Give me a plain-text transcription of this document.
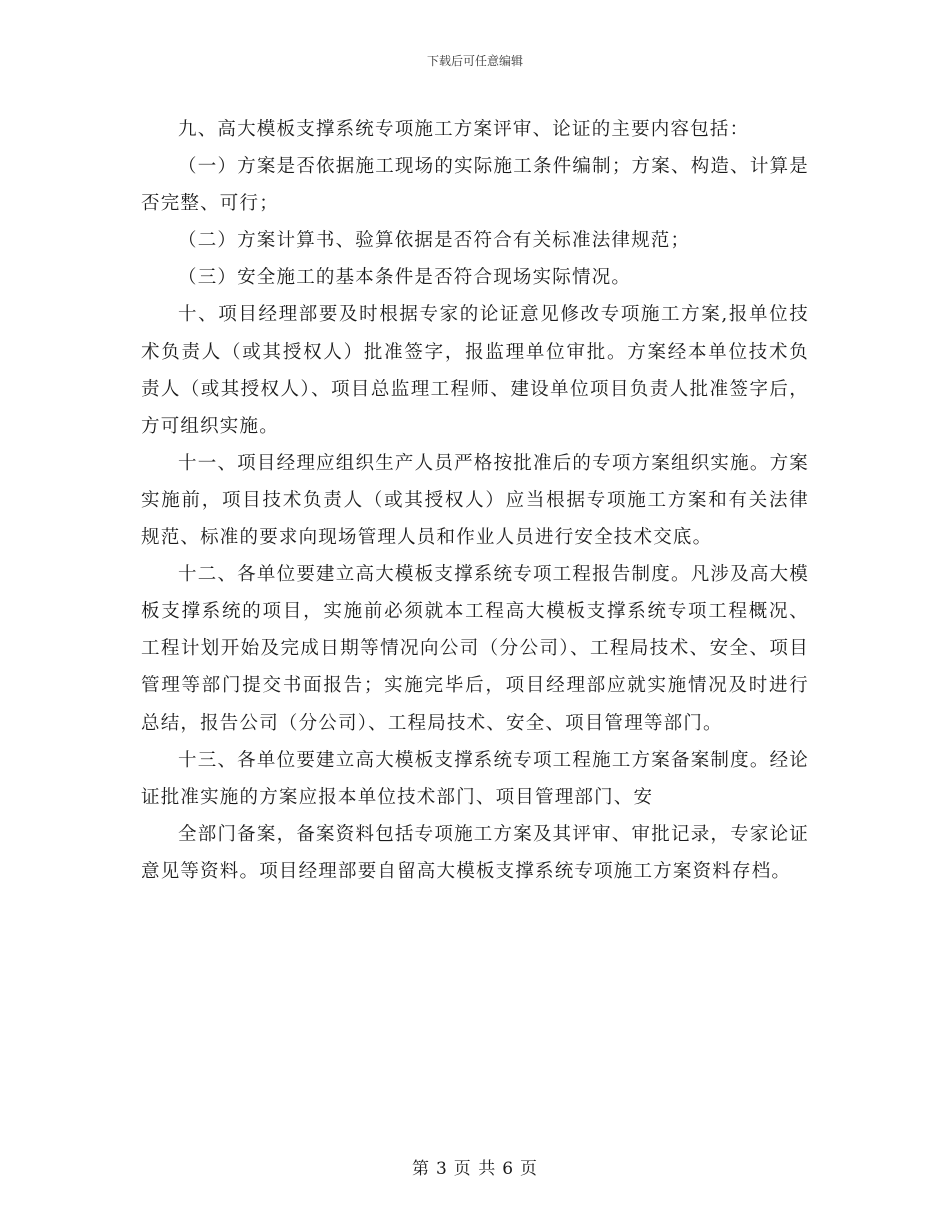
下载后可任意编辑

九、高大模板支撑系统专项施工方案评审、论证的主要内容包括：

（一）方案是否依据施工现场的实际施工条件编制；方案、构造、计算是否完整、可行；

（二）方案计算书、验算依据是否符合有关标准法律规范；

（三）安全施工的基本条件是否符合现场实际情况。

十、项目经理部要及时根据专家的论证意见修改专项施工方案,报单位技术负责人（或其授权人）批准签字，报监理单位审批。方案经本单位技术负责人（或其授权人）、项目总监理工程师、建设单位项目负责人批准签字后，方可组织实施。

十一、项目经理应组织生产人员严格按批准后的专项方案组织实施。方案实施前，项目技术负责人（或其授权人）应当根据专项施工方案和有关法律规范、标准的要求向现场管理人员和作业人员进行安全技术交底。

十二、各单位要建立高大模板支撑系统专项工程报告制度。凡涉及高大模板支撑系统的项目，实施前必须就本工程高大模板支撑系统专项工程概况、工程计划开始及完成日期等情况向公司（分公司）、工程局技术、安全、项目管理等部门提交书面报告；实施完毕后，项目经理部应就实施情况及时进行总结，报告公司（分公司）、工程局技术、安全、项目管理等部门。

十三、各单位要建立高大模板支撑系统专项工程施工方案备案制度。经论证批准实施的方案应报本单位技术部门、项目管理部门、安

全部门备案，备案资料包括专项施工方案及其评审、审批记录，专家论证意见等资料。项目经理部要自留高大模板支撑系统专项施工方案资料存档。

第 3 页 共 6 页
